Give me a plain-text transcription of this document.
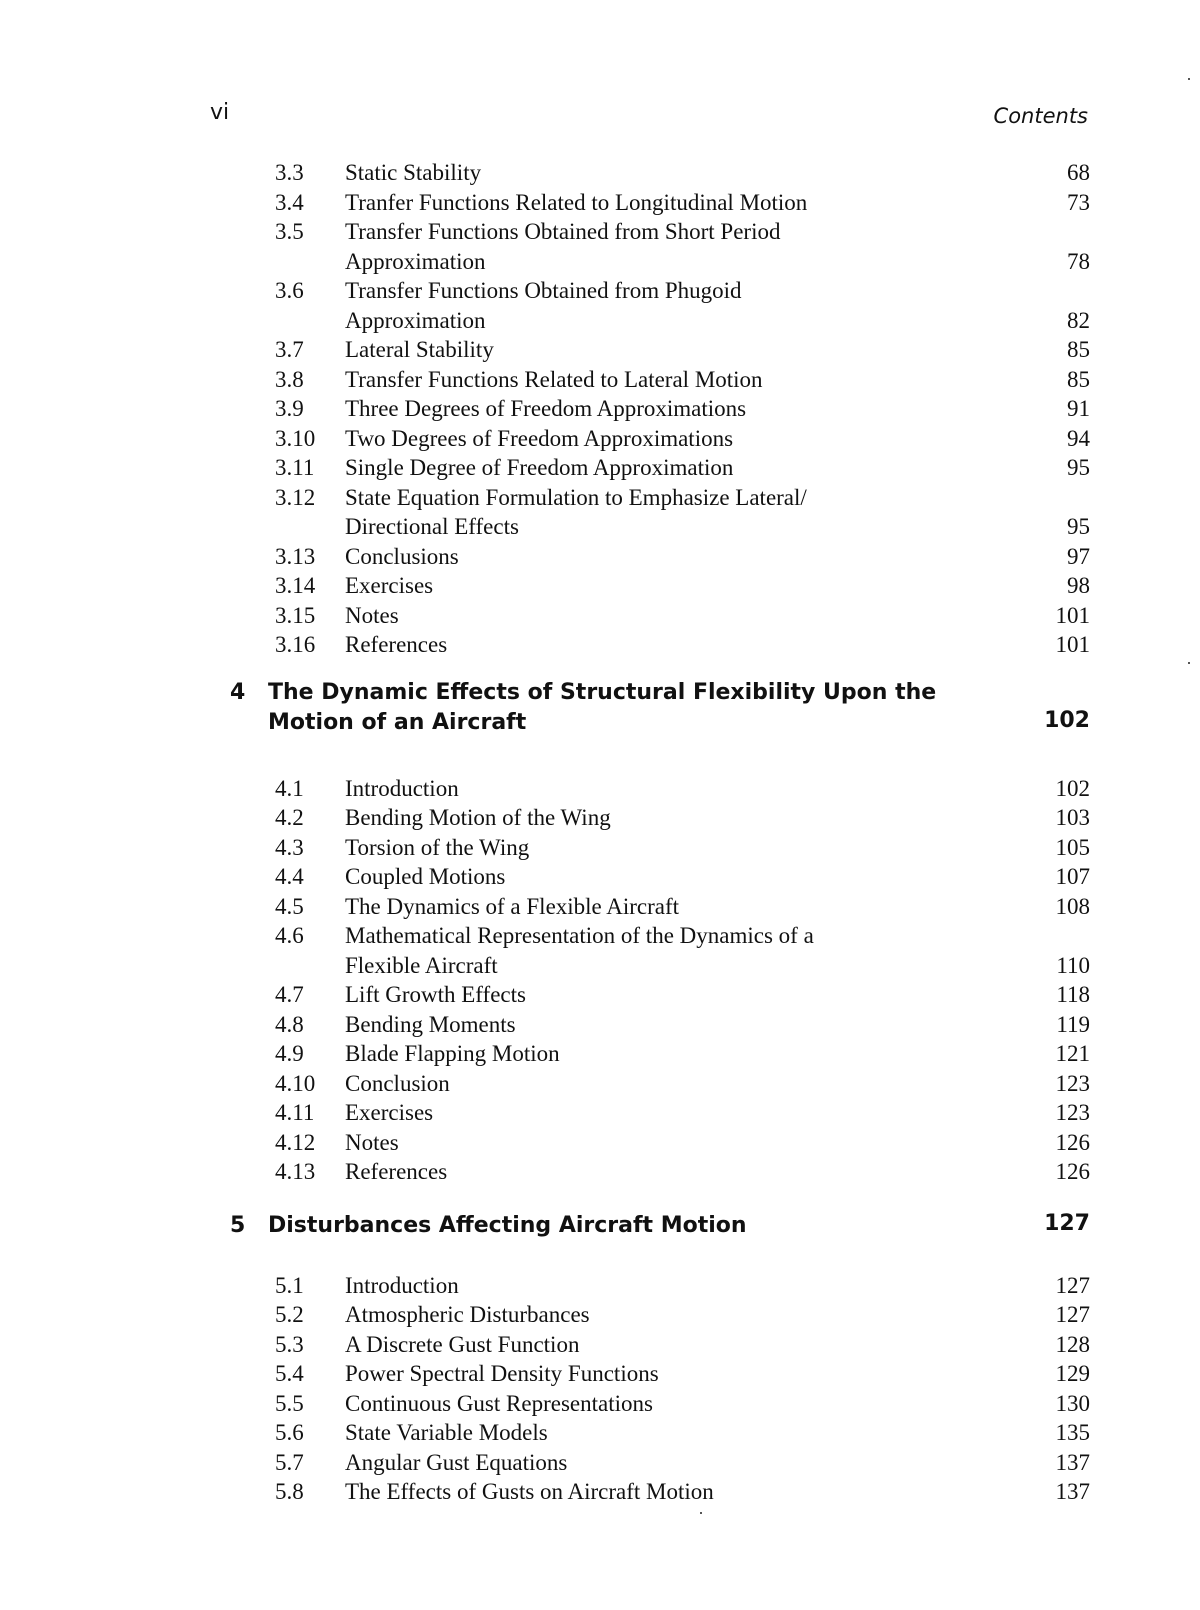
vi	Contents
3.3 Static Stability	68
3.4 Tranfer Functions Related to Longitudinal Motion	73
3.5 Transfer Functions Obtained from Short Period
Approximation	78
3.6 Transfer Functions Obtained from Phugoid
Approximation	82
3.7 Lateral Stability	85
3.8 Transfer Functions Related to Lateral Motion	85
3.9 Three Degrees of Freedom Approximations	91
3.10 Two Degrees of Freedom Approximations	94
3.11 Single Degree of Freedom Approximation	95
3.12 State Equation Formulation to Emphasize Lateral/
Directional Effects	95
3.13 Conclusions	97
3.14 Exercises	98
3.15 Notes	101
3.16 References	101
4 The Dynamic Effects of Structural Flexibility Upon the
Motion of an Aircraft	102
4.1 Introduction	102
4.2 Bending Motion of the Wing	103
4.3 Torsion of the Wing	105
4.4 Coupled Motions	107
4.5 The Dynamics of a Flexible Aircraft	108
4.6 Mathematical Representation of the Dynamics of a
Flexible Aircraft	110
4.7 Lift Growth Effects	118
4.8 Bending Moments	119
4.9 Blade Flapping Motion	121
4.10 Conclusion	123
4.11 Exercises	123
4.12 Notes	126
4.13 References	126
5 Disturbances Affecting Aircraft Motion	127
5.1 Introduction	127
5.2 Atmospheric Disturbances	127
5.3 A Discrete Gust Function	128
5.4 Power Spectral Density Functions	129
5.5 Continuous Gust Representations	130
5.6 State Variable Models	135
5.7 Angular Gust Equations	137
5.8 The Effects of Gusts on Aircraft Motion	137
